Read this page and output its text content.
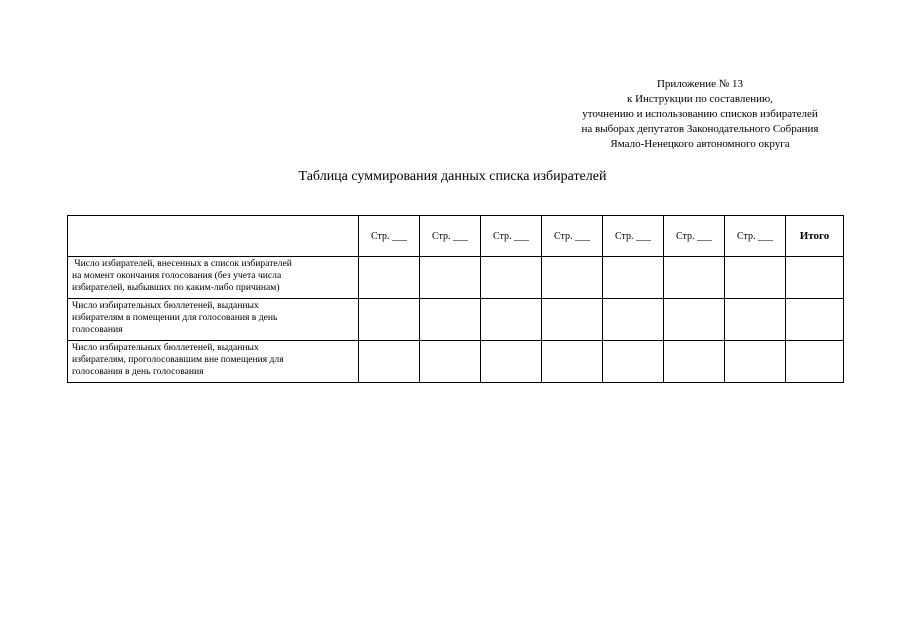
Приложение № 13
к Инструкции по составлению,
уточнению и использованию списков избирателей
на выборах депутатов Законодательного Собрания
Ямало-Ненецкого автономного округа
Таблица суммирования данных списка избирателей
	Стр. ___	Стр. ___	Стр. ___	Стр. ___	Стр. ___	Стр. ___	Стр. ___	Итого

Число избирателей, внесенных в список избирателей
на момент окончания голосования (без учета числа
избирателей, выбывших по каким-либо причинам)								

Число избирательных бюллетеней, выданных
избирателям в помещении для голосования в день
голосования								

Число избирательных бюллетеней, выданных
избирателям, проголосовавшим вне помещения для
голосования в день голосования								
